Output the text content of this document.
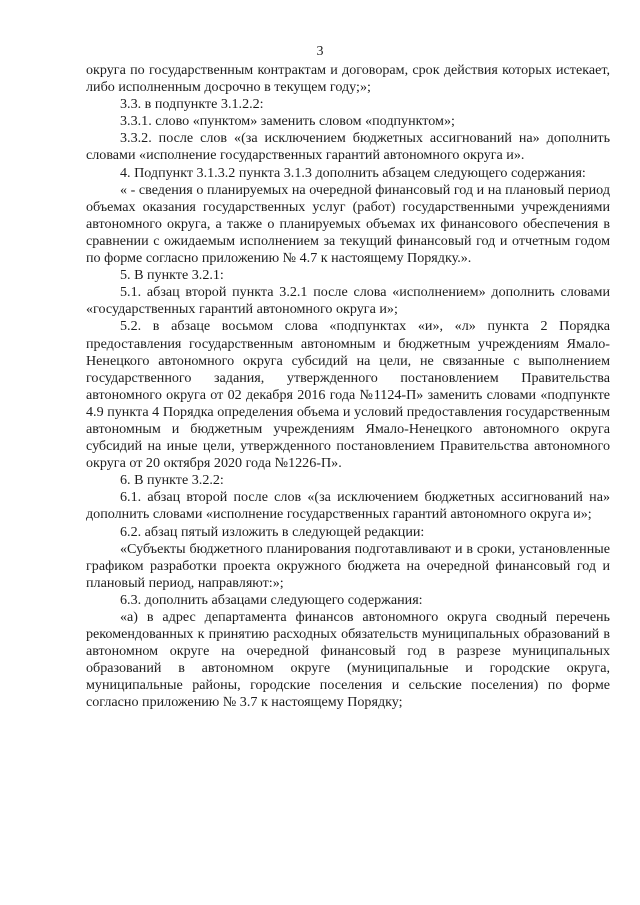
3

округа по государственным контрактам и договорам, срок действия которых истекает, либо исполненным досрочно в текущем году;»;

3.3. в подпункте 3.1.2.2:

3.3.1. слово «пунктом» заменить словом «подпунктом»;

3.3.2. после слов «(за исключением бюджетных ассигнований на» дополнить словами «исполнение государственных гарантий автономного округа и».

4. Подпункт 3.1.3.2 пункта 3.1.3 дополнить абзацем следующего содержания:

« - сведения о планируемых на очередной финансовый год и на плановый период объемах оказания государственных услуг (работ) государственными учреждениями автономного округа, а также о планируемых объемах их финансового обеспечения в сравнении с ожидаемым исполнением за текущий финансовый год и отчетным годом по форме согласно приложению № 4.7 к настоящему Порядку.».

5. В пункте 3.2.1:

5.1. абзац второй пункта 3.2.1 после слова «исполнением» дополнить словами «государственных гарантий автономного округа и»;

5.2. в абзаце восьмом слова «подпунктах «и», «л» пункта 2 Порядка предоставления государственным автономным и бюджетным учреждениям Ямало-Ненецкого автономного округа субсидий на цели, не связанные с выполнением государственного задания, утвержденного постановлением Правительства автономного округа от 02 декабря 2016 года №1124-П» заменить словами «подпункте 4.9 пункта 4 Порядка определения объема и условий предоставления государственным автономным и бюджетным учреждениям Ямало-Ненецкого автономного округа субсидий на иные цели, утвержденного постановлением Правительства автономного округа от 20 октября 2020 года №1226-П».

6. В пункте 3.2.2:

6.1. абзац второй после слов «(за исключением бюджетных ассигнований на» дополнить словами «исполнение государственных гарантий автономного округа и»;

6.2. абзац пятый изложить в следующей редакции:

«Субъекты бюджетного планирования подготавливают и в сроки, установленные графиком разработки проекта окружного бюджета на очередной финансовый год и плановый период, направляют:»;

6.3. дополнить абзацами следующего содержания:

«а) в адрес департамента финансов автономного округа сводный перечень рекомендованных к принятию расходных обязательств муниципальных образований в автономном округе на очередной финансовый год в разрезе муниципальных образований в автономном округе (муниципальные и городские округа, муниципальные районы, городские поселения и сельские поселения) по форме согласно приложению № 3.7 к настоящему Порядку;
